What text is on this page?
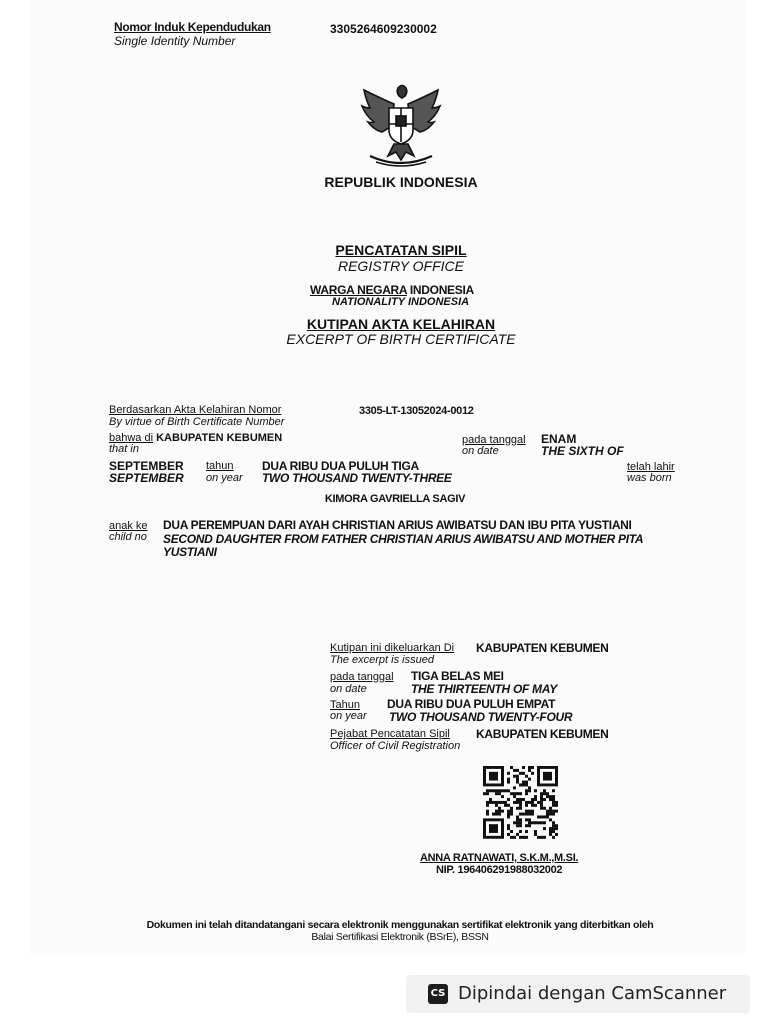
Nomor Induk Kependudukan
Single Identity Number
3305264609230002
REPUBLIK INDONESIA
PENCATATAN SIPIL
REGISTRY OFFICE
WARGA NEGARA INDONESIA
NATIONALITY INDONESIA
KUTIPAN AKTA KELAHIRAN
EXCERPT OF BIRTH CERTIFICATE
Berdasarkan Akta Kelahiran Nomor
By virtue of Birth Certificate Number
3305-LT-13052024-0012
bahwa di KABUPATEN KEBUMEN
that in
pada tanggal
on date
ENAM
THE SIXTH OF
SEPTEMBER
SEPTEMBER
tahun
on year
DUA RIBU DUA PULUH TIGA
TWO THOUSAND TWENTY-THREE
telah lahir
was born
KIMORA GAVRIELLA SAGIV
anak ke
child no
DUA PEREMPUAN DARI AYAH CHRISTIAN ARIUS AWIBATSU DAN IBU PITA YUSTIANI
SECOND DAUGHTER FROM FATHER CHRISTIAN ARIUS AWIBATSU AND MOTHER PITA YUSTIANI
Kutipan ini dikeluarkan Di
The excerpt is issued
KABUPATEN KEBUMEN
pada tanggal
on date
TIGA BELAS MEI
THE THIRTEENTH OF MAY
Tahun
on year
DUA RIBU DUA PULUH EMPAT
TWO THOUSAND TWENTY-FOUR
Pejabat Pencatatan Sipil
Officer of Civil Registration
KABUPATEN KEBUMEN
ANNA RATNAWATI, S.K.M.,M.SI.
NIP. 196406291988032002
Dokumen ini telah ditandatangani secara elektronik menggunakan sertifikat elektronik yang diterbitkan oleh
Balai Sertifikasi Elektronik (BSrE), BSSN
CS Dipindai dengan CamScanner
